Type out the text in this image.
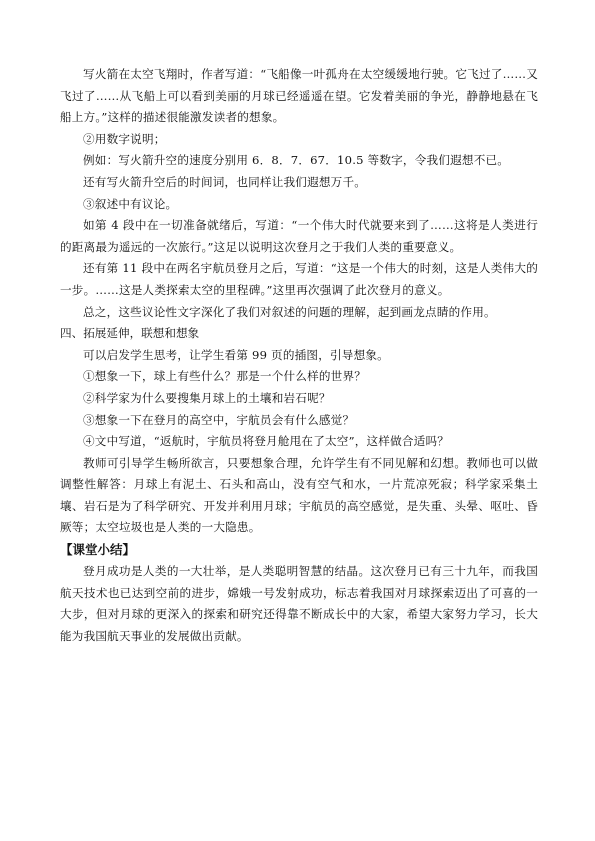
写火箭在太空飞翔时，作者写道：“飞船像一叶孤舟在太空缓缓地行驶。它飞过了……又飞过了……从飞船上可以看到美丽的月球已经遥遥在望。它发着美丽的争光，静静地悬在飞船上方。”这样的描述很能激发读者的想象。

②用数字说明；

例如：写火箭升空的速度分别用 6．8．7．67．10.5 等数字，令我们遐想不已。

还有写火箭升空后的时间词，也同样让我们遐想万千。

③叙述中有议论。

如第 4 段中在一切准备就绪后，写道：“一个伟大时代就要来到了……这将是人类进行的距离最为遥远的一次旅行。”这足以说明这次登月之于我们人类的重要意义。

还有第 11 段中在两名宇航员登月之后，写道：“这是一个伟大的时刻，这是人类伟大的一步。……这是人类探索太空的里程碑。”这里再次强调了此次登月的意义。

总之，这些议论性文字深化了我们对叙述的问题的理解，起到画龙点睛的作用。

四、拓展延伸，联想和想象

可以启发学生思考，让学生看第 99 页的插图，引导想象。

①想象一下，球上有些什么？那是一个什么样的世界？

②科学家为什么要搜集月球上的土壤和岩石呢？

③想象一下在登月的高空中，宇航员会有什么感觉？

④文中写道，“返航时，宇航员将登月舱甩在了太空”，这样做合适吗？

教师可引导学生畅所欲言，只要想象合理，允许学生有不同见解和幻想。教师也可以做调整性解答：月球上有泥土、石头和高山，没有空气和水，一片荒凉死寂；科学家采集土壤、岩石是为了科学研究、开发并利用月球；宇航员的高空感觉，是失重、头晕、呕吐、昏厥等；太空垃圾也是人类的一大隐患。

【课堂小结】

登月成功是人类的一大壮举，是人类聪明智慧的结晶。这次登月已有三十九年，而我国航天技术也已达到空前的进步，嫦娥一号发射成功，标志着我国对月球探索迈出了可喜的一大步，但对月球的更深入的探索和研究还得靠不断成长中的大家，希望大家努力学习，长大能为我国航天事业的发展做出贡献。
